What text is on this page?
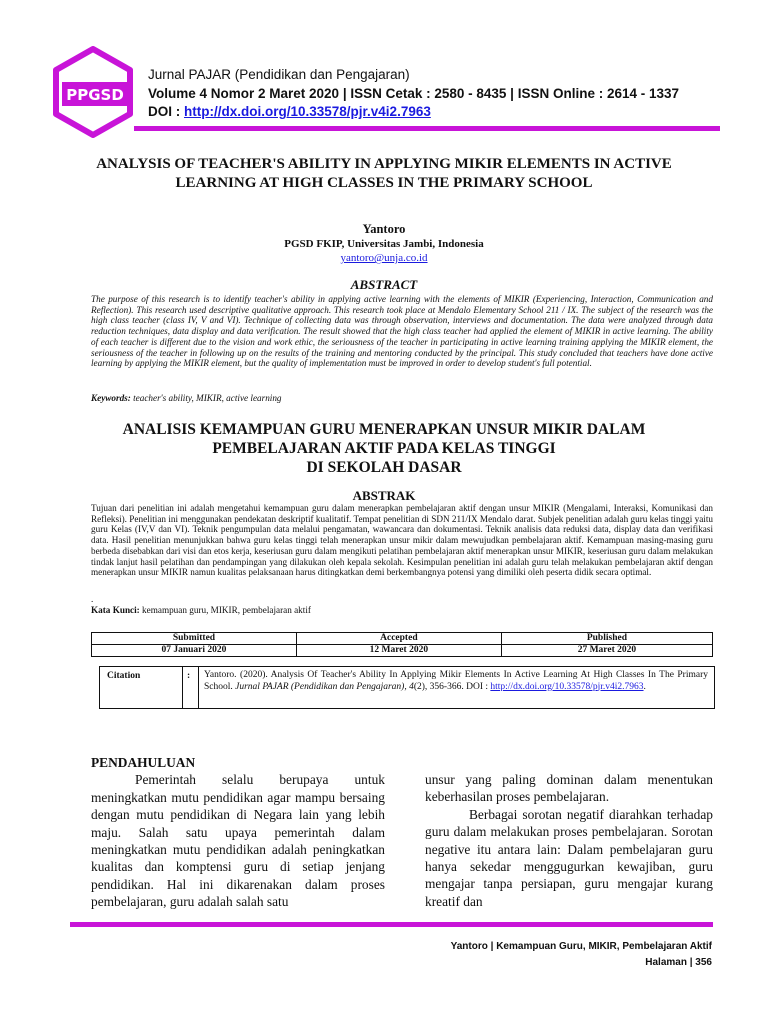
PPGSD
Jurnal PAJAR (Pendidikan dan Pengajaran)
Volume 4 Nomor 2 Maret 2020 | ISSN Cetak : 2580 - 8435 | ISSN Online : 2614 - 1337
DOI : http://dx.doi.org/10.33578/pjr.v4i2.7963
ANALYSIS OF TEACHER'S ABILITY IN APPLYING MIKIR ELEMENTS IN ACTIVE
LEARNING AT HIGH CLASSES IN THE PRIMARY SCHOOL
Yantoro
PGSD FKIP, Universitas Jambi, Indonesia
yantoro@unja.co.id
ABSTRACT
The purpose of this research is to identify teacher's ability in applying active learning with the elements of MIKIR (Experiencing, Interaction, Communication and Reflection). This research used descriptive qualitative approach. This research took place at Mendalo Elementary School 211 / IX. The subject of the research was the high class teacher (class IV, V and VI). Technique of collecting data was through observation, interviews and documentation. The data were analyzed through data reduction techniques, data display and data verification. The result showed that the high class teacher had applied the element of MIKIR in active learning. The ability of each teacher is different due to the vision and work ethic, the seriousness of the teacher in participating in active learning training applying the MIKIR element, the seriousness of the teacher in following up on the results of the training and mentoring conducted by the principal. This study concluded that teachers have done active learning by applying the MIKIR element, but the quality of implementation must be improved in order to develop student's full potential.
Keywords: teacher's ability, MIKIR, active learning
ANALISIS KEMAMPUAN GURU MENERAPKAN UNSUR MIKIR DALAM
PEMBELAJARAN AKTIF PADA KELAS TINGGI
DI SEKOLAH DASAR
ABSTRAK
Tujuan dari penelitian ini adalah mengetahui kemampuan guru dalam menerapkan pembelajaran aktif dengan unsur MIKIR (Mengalami, Interaksi, Komunikasi dan Refleksi). Penelitian ini menggunakan pendekatan deskriptif kualitatif. Tempat penelitian di SDN 211/IX Mendalo darat. Subjek penelitian adalah guru kelas tinggi yaitu guru Kelas (IV,V dan VI). Teknik pengumpulan data melalui pengamatan, wawancara dan dokumentasi. Teknik analisis data reduksi data, display data dan verifikasi data. Hasil penelitian menunjukkan bahwa guru kelas tinggi telah menerapkan unsur mikir dalam mewujudkan pembelajaran aktif. Kemampuan masing-masing guru berbeda disebabkan dari visi dan etos kerja, keseriusan guru dalam mengikuti pelatihan pembelajaran aktif menerapkan unsur MIKIR, keseriusan guru dalam melakukan tindak lanjut hasil pelatihan dan pendampingan yang dilakukan oleh kepala sekolah. Kesimpulan penelitian ini adalah guru telah melakukan pembelajaran aktif dengan menerapkan unsur MIKIR namun kualitas pelaksanaan harus ditingkatkan demi berkembangnya potensi yang dimiliki oleh peserta didik secara optimal.
.
Kata Kunci: kemampuan guru, MIKIR, pembelajaran aktif
Submitted	Accepted	Published
07 Januari 2020	12 Maret 2020	27 Maret 2020
Citation	: Yantoro. (2020). Analysis Of Teacher's Ability In Applying Mikir Elements In Active Learning At High Classes In The Primary School. Jurnal PAJAR (Pendidikan dan Pengajaran), 4(2), 356-366. DOI : http://dx.doi.org/10.33578/pjr.v4i2.7963.

PENDAHULUAN

Pemerintah selalu berupaya untuk meningkatkan mutu pendidikan agar mampu bersaing dengan mutu pendidikan di Negara lain yang lebih maju. Salah satu upaya pemerintah dalam meningkatkan mutu pendidikan adalah peningkatkan kualitas dan komptensi guru di setiap jenjang pendidikan. Hal ini dikarenakan dalam proses pembelajaran, guru adalah salah satu

unsur yang paling dominan dalam menentukan keberhasilan proses pembelajaran.

Berbagai sorotan negatif diarahkan terhadap guru dalam melakukan proses pembelajaran. Sorotan negative itu antara lain: Dalam pembelajaran guru hanya sekedar menggugurkan kewajiban, guru mengajar tanpa persiapan, guru mengajar kurang kreatif dan

Yantoro | Kemampuan Guru, MIKIR, Pembelajaran Aktif
Halaman | 356
